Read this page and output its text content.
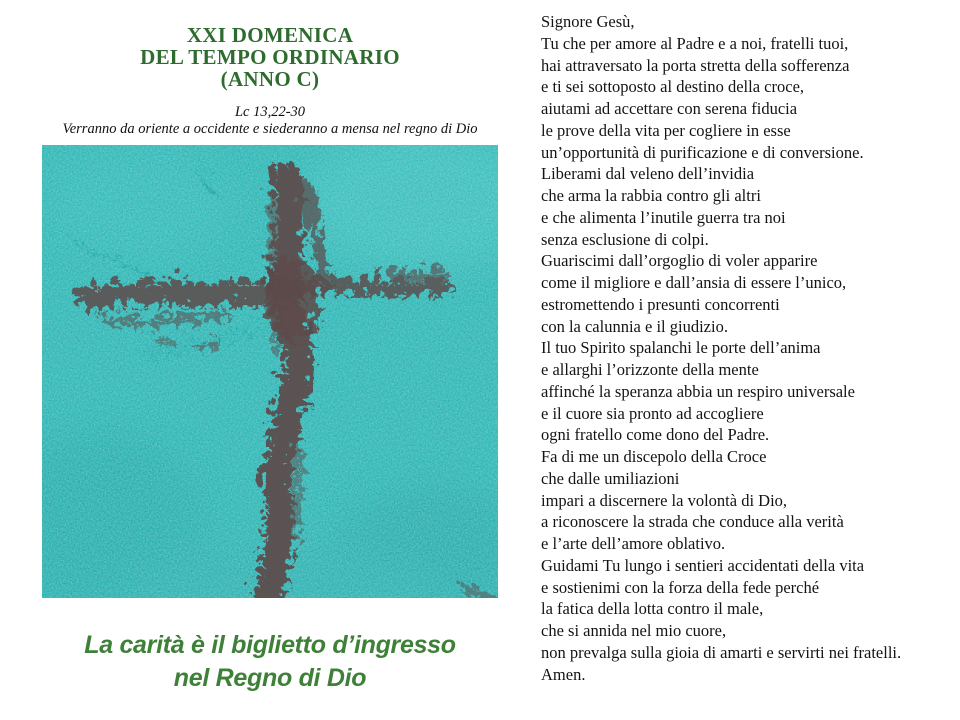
XXI DOMENICA
DEL TEMPO ORDINARIO
(ANNO C)
Lc 13,22-30
Verranno da oriente a occidente e siederanno a mensa nel regno di Dio
La carità è il biglietto d’ingresso
nel Regno di Dio
Signore Gesù,
Tu che per amore al Padre e a noi, fratelli tuoi,
hai attraversato la porta stretta della sofferenza
e ti sei sottoposto al destino della croce,
aiutami ad accettare con serena fiducia
le prove della vita per cogliere in esse
un’opportunità di purificazione e di conversione.
Liberami dal veleno dell’invidia
che arma la rabbia contro gli altri
e che alimenta l’inutile guerra tra noi
senza esclusione di colpi.
Guariscimi dall’orgoglio di voler apparire
come il migliore e dall’ansia di essere l’unico,
estromettendo i presunti concorrenti
con la calunnia e il giudizio.
Il tuo Spirito spalanchi le porte dell’anima
e allarghi l’orizzonte della mente
affinché la speranza abbia un respiro universale
e il cuore sia pronto ad accogliere
ogni fratello come dono del Padre.
Fa di me un discepolo della Croce
che dalle umiliazioni
impari a discernere la volontà di Dio,
a riconoscere la strada che conduce alla verità
e l’arte dell’amore oblativo.
Guidami Tu lungo i sentieri accidentati della vita
e sostienimi con la forza della fede perché
la fatica della lotta contro il male,
che si annida nel mio cuore,
non prevalga sulla gioia di amarti e servirti nei fratelli.
Amen.
